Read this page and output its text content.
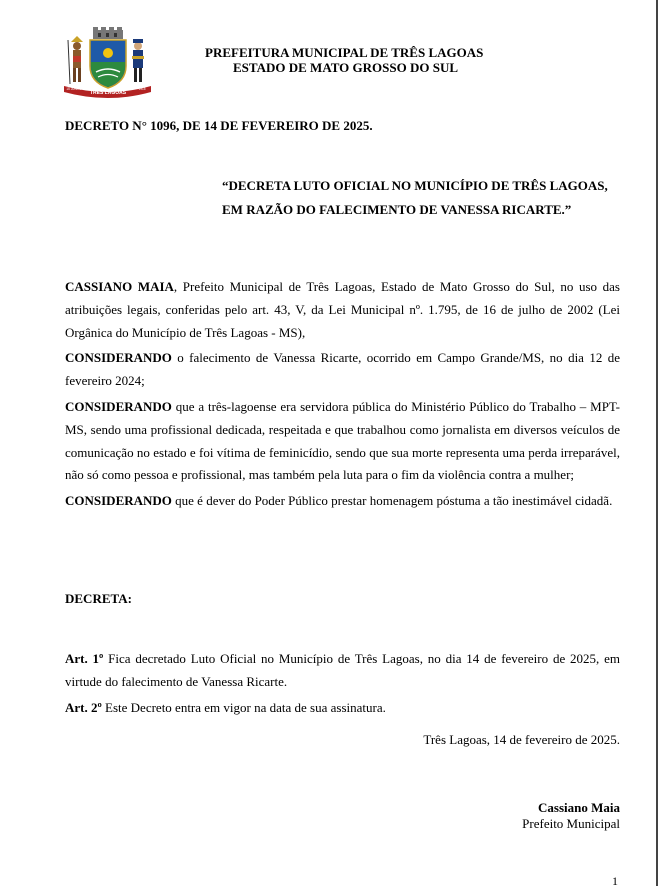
TRÊS LAGOAS
15 JUNHO	1915
PREFEITURA MUNICIPAL DE TRÊS LAGOAS
ESTADO DE MATO GROSSO DO SUL
DECRETO N° 1096, DE 14 DE FEVEREIRO DE 2025.
“DECRETA LUTO OFICIAL NO MUNICÍPIO DE TRÊS LAGOAS,
EM RAZÃO DO FALECIMENTO DE VANESSA RICARTE.”

CASSIANO MAIA, Prefeito Municipal de Três Lagoas, Estado de Mato Grosso do Sul, no uso das atribuições legais, conferidas pelo art. 43, V, da Lei Municipal nº. 1.795, de 16 de julho de 2002 (Lei Orgânica do Município de Três Lagoas - MS),

CONSIDERANDO o falecimento de Vanessa Ricarte, ocorrido em Campo Grande/MS, no dia 12 de fevereiro 2024;

CONSIDERANDO que a três-lagoense era servidora pública do Ministério Público do Trabalho – MPT-MS, sendo uma profissional dedicada, respeitada e que trabalhou como jornalista em diversos veículos de comunicação no estado e foi vítima de feminicídio, sendo que sua morte representa uma perda irreparável, não só como pessoa e profissional, mas também pela luta para o fim da violência contra a mulher;

CONSIDERANDO que é dever do Poder Público prestar homenagem póstuma a tão inestimável cidadã.

DECRETA:

Art. 1º Fica decretado Luto Oficial no Município de Três Lagoas, no dia 14 de fevereiro de 2025, em virtude do falecimento de Vanessa Ricarte.

Art. 2º Este Decreto entra em vigor na data de sua assinatura.

Três Lagoas, 14 de fevereiro de 2025.
Cassiano Maia
Prefeito Municipal
1
